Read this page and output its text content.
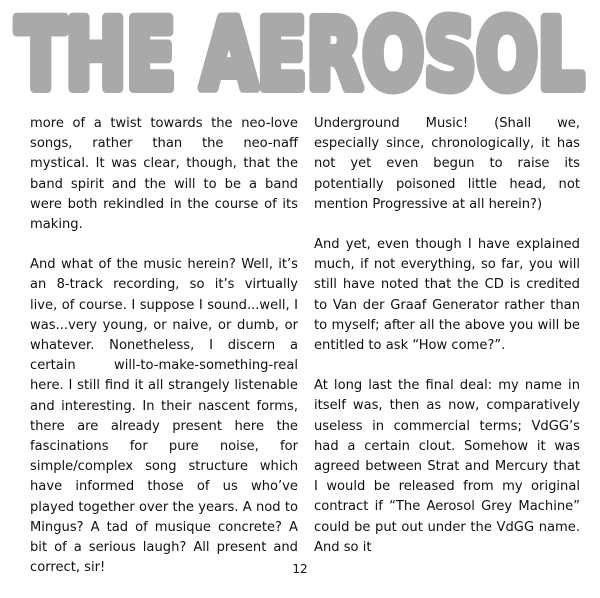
THE AEROSOL

more of a twist towards the neo-love songs, rather than the neo-naff mystical. It was clear, though, that the band spirit and the will to be a band were both rekindled in the course of its making.

And what of the music herein? Well, it’s an 8-track recording, so it’s virtually live, of course. I suppose I sound...well, I was...very young, or naive, or dumb, or whatever. Nonetheless, I discern a certain will-to-make-something-real here. I still find it all strangely listenable and interesting. In their nascent forms, there are already present here the fascinations for pure noise, for simple/complex song structure which have informed those of us who’ve played together over the years. A nod to Mingus? A tad of musique concrete? A bit of a serious laugh? All present and correct, sir!

Underground Music! (Shall we, especially since, chronologically, it has not yet even begun to raise its potentially poisoned little head, not mention Progressive at all herein?)

And yet, even though I have explained much, if not everything, so far, you will still have noted that the CD is credited to Van der Graaf Generator rather than to myself; after all the above you will be entitled to ask “How come?”.

At long last the final deal: my name in itself was, then as now, comparatively useless in commercial terms; VdGG’s had a certain clout. Somehow it was agreed between Strat and Mercury that I would be released from my original contract if “The Aerosol Grey Machine” could be put out under the VdGG name. And so it

12
